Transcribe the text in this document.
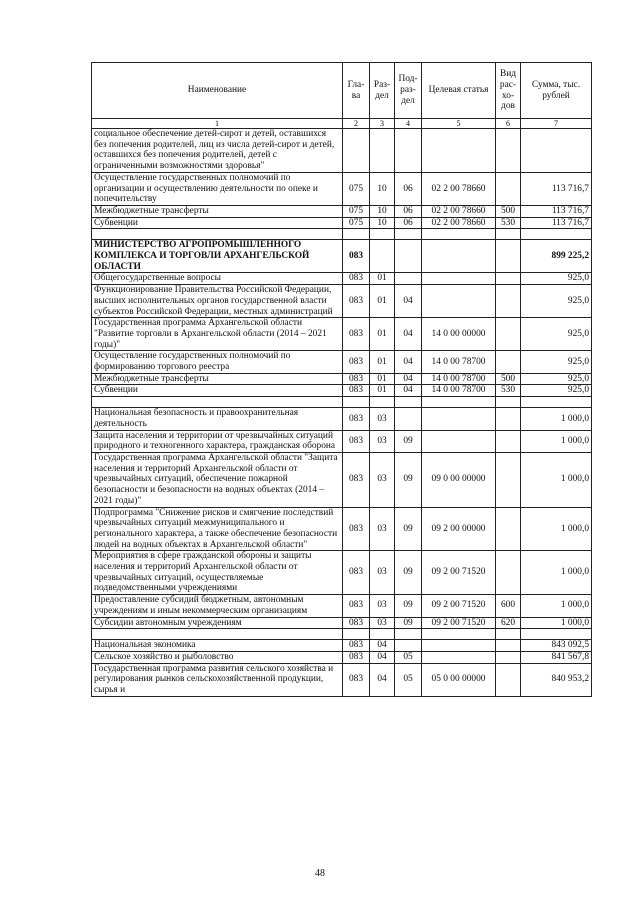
Наименование	Гла-ва	Раз-дел	Под-раз-дел	Целевая статья	Вид рас-хо-дов	Сумма, тыс. рублей
1	2	3	4	5	6	7
социальное обеспечение детей-сирот и детей, оставшихся без попечения родителей, лиц из числа детей-сирот и детей, оставшихся без попечения родителей, детей с ограниченными возможностями здоровья"						
Осуществление государственных полномочий по организации и осуществлению деятельности по опеке и попечительству	075	10	06	02 2 00 78660		113 716,7
Межбюджетные трансферты	075	10	06	02 2 00 78660	500	113 716,7
Субвенции	075	10	06	02 2 00 78660	530	113 716,7

МИНИСТЕРСТВО АГРОПРОМЫШЛЕННОГО КОМПЛЕКСА И ТОРГОВЛИ АРХАНГЕЛЬСКОЙ ОБЛАСТИ	083					899 225,2
Общегосударственные вопросы	083	01				925,0
Функционирование Правительства Российской Федерации, высших исполнительных органов государственной власти субъектов Российской Федерации, местных администраций	083	01	04			925,0
Государственная программа Архангельской области "Развитие торговли в Архангельской области (2014 – 2021 годы)"	083	01	04	14 0 00 00000		925,0
Осуществление государственных полномочий по формированию торгового реестра	083	01	04	14 0 00 78700		925,0
Межбюджетные трансферты	083	01	04	14 0 00 78700	500	925,0
Субвенции	083	01	04	14 0 00 78700	530	925,0

Национальная безопасность и правоохранительная деятельность	083	03				1 000,0
Защита населения и территории от чрезвычайных ситуаций природного и техногенного характера, гражданская оборона	083	03	09			1 000,0
Государственная программа Архангельской области "Защита населения и территорий Архангельской области от чрезвычайных ситуаций, обеспечение пожарной безопасности и безопасности на водных объектах (2014 – 2021 годы)"	083	03	09	09 0 00 00000		1 000,0
Подпрограмма "Снижение рисков и смягчение последствий чрезвычайных ситуаций межмуниципального и регионального характера, а также обеспечение безопасности людей на водных объектах в Архангельской области"	083	03	09	09 2 00 00000		1 000,0
Мероприятия в сфере гражданской обороны и защиты населения и территорий Архангельской области от чрезвычайных ситуаций, осуществляемые подведомственными учреждениями	083	03	09	09 2 00 71520		1 000,0
Предоставление субсидий бюджетным, автономным учреждениям и иным некоммерческим организациям	083	03	09	09 2 00 71520	600	1 000,0
Субсидии автономным учреждениям	083	03	09	09 2 00 71520	620	1 000,0

Национальная экономика	083	04				843 092,5
Сельское хозяйство и рыболовство	083	04	05			841 567,8
Государственная программа развития сельского хозяйства и регулирования рынков сельскохозяйственной продукции, сырья и	083	04	05	05 0 00 00000		840 953,2
48
